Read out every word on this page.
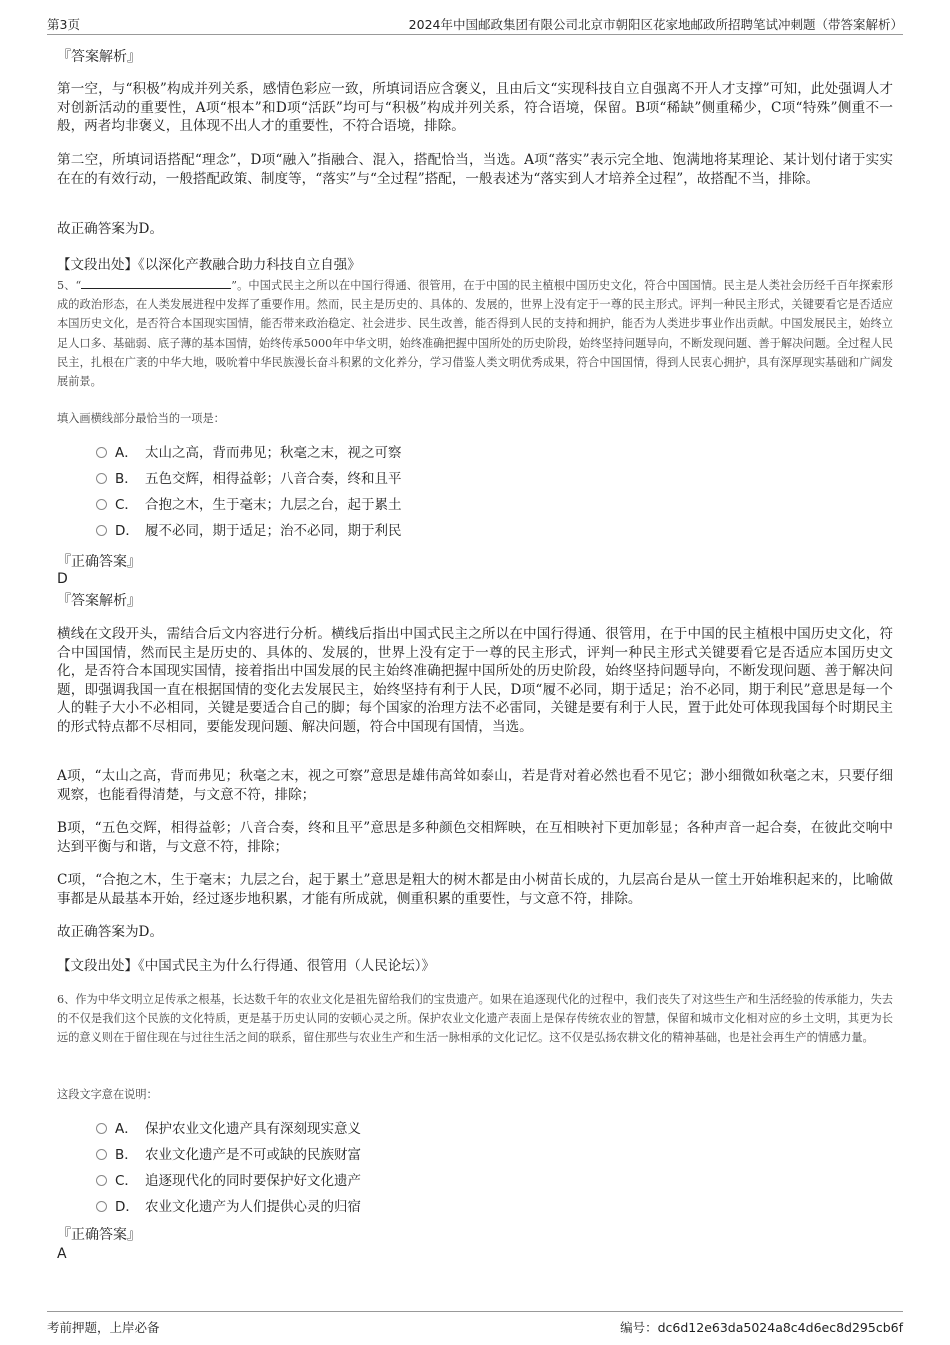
第3页	2024年中国邮政集团有限公司北京市朝阳区花家地邮政所招聘笔试冲刺题（带答案解析）
『答案解析』

第一空，与“积极”构成并列关系，感情色彩应一致，所填词语应含褒义，且由后文“实现科技自立自强离不开人才支撑”可知，此处强调人才对创新活动的重要性，A项“根本”和D项“活跃”均可与“积极”构成并列关系，符合语境，保留。B项“稀缺”侧重稀少，C项“特殊”侧重不一般，两者均非褒义，且体现不出人才的重要性，不符合语境，排除。

第二空，所填词语搭配“理念”，D项“融入”指融合、混入，搭配恰当，当选。A项“落实”表示完全地、饱满地将某理论、某计划付诸于实实在在的有效行动，一般搭配政策、制度等，“落实”与“全过程”搭配，一般表述为“落实到人才培养全过程”，故搭配不当，排除。

故正确答案为D。

【文段出处】《以深化产教融合助力科技自立自强》

5、“	”。中国式民主之所以在中国行得通、很管用，在于中国的民主植根中国历史文化，符合中国国情。民主是人类社会历经千百年探索形成的政治形态，在人类发展进程中发挥了重要作用。然而，民主是历史的、具体的、发展的，世界上没有定于一尊的民主形式。评判一种民主形式，关键要看它是否适应本国历史文化，是否符合本国现实国情，能否带来政治稳定、社会进步、民生改善，能否得到人民的支持和拥护，能否为人类进步事业作出贡献。中国发展民主，始终立足人口多、基础弱、底子薄的基本国情，始终传承5000年中华文明，始终准确把握中国所处的历史阶段，始终坚持问题导向，不断发现问题、善于解决问题。全过程人民民主，扎根在广袤的中华大地，吸吮着中华民族漫长奋斗积累的文化养分，学习借鉴人类文明优秀成果，符合中国国情，得到人民衷心拥护，具有深厚现实基础和广阔发展前景。

填入画横线部分最恰当的一项是：
A． 太山之高，背而弗见；秋毫之末，视之可察
B． 五色交辉，相得益彰；八音合奏，终和且平
C． 合抱之木，生于毫末；九层之台，起于累土
D． 履不必同，期于适足；治不必同，期于利民
『正确答案』
D
『答案解析』

横线在文段开头，需结合后文内容进行分析。横线后指出中国式民主之所以在中国行得通、很管用，在于中国的民主植根中国历史文化，符合中国国情，然而民主是历史的、具体的、发展的，世界上没有定于一尊的民主形式，评判一种民主形式关键要看它是否适应本国历史文化，是否符合本国现实国情，接着指出中国发展的民主始终准确把握中国所处的历史阶段，始终坚持问题导向，不断发现问题、善于解决问题，即强调我国一直在根据国情的变化去发展民主，始终坚持有利于人民，D项“履不必同，期于适足；治不必同，期于利民”意思是每一个人的鞋子大小不必相同，关键是要适合自己的脚；每个国家的治理方法不必雷同，关键是要有利于人民，置于此处可体现我国每个时期民主的形式特点都不尽相同，要能发现问题、解决问题，符合中国现有国情，当选。

A项，“太山之高，背而弗见；秋毫之末，视之可察”意思是雄伟高耸如泰山，若是背对着必然也看不见它；渺小细微如秋毫之末，只要仔细观察，也能看得清楚，与文意不符，排除；

B项，“五色交辉，相得益彰；八音合奏，终和且平”意思是多种颜色交相辉映，在互相映衬下更加彰显；各种声音一起合奏，在彼此交响中达到平衡与和谐，与文意不符，排除；

C项，“合抱之木，生于毫末；九层之台，起于累土”意思是粗大的树木都是由小树苗长成的，九层高台是从一筐土开始堆积起来的，比喻做事都是从最基本开始，经过逐步地积累，才能有所成就，侧重积累的重要性，与文意不符，排除。

故正确答案为D。

【文段出处】《中国式民主为什么行得通、很管用（人民论坛）》

6、作为中华文明立足传承之根基，长达数千年的农业文化是祖先留给我们的宝贵遗产。如果在追逐现代化的过程中，我们丧失了对这些生产和生活经验的传承能力，失去的不仅是我们这个民族的文化特质，更是基于历史认同的安顿心灵之所。保护农业文化遗产表面上是保存传统农业的智慧，保留和城市文化相对应的乡土文明，其更为长远的意义则在于留住现在与过往生活之间的联系，留住那些与农业生产和生活一脉相承的文化记忆。这不仅是弘扬农耕文化的精神基础，也是社会再生产的情感力量。

这段文字意在说明：
A． 保护农业文化遗产具有深刻现实意义
B． 农业文化遗产是不可或缺的民族财富
C． 追逐现代化的同时要保护好文化遗产
D． 农业文化遗产为人们提供心灵的归宿
『正确答案』
A
考前押题，上岸必备	编号：dc6d12e63da5024a8c4d6ec8d295cb6f
